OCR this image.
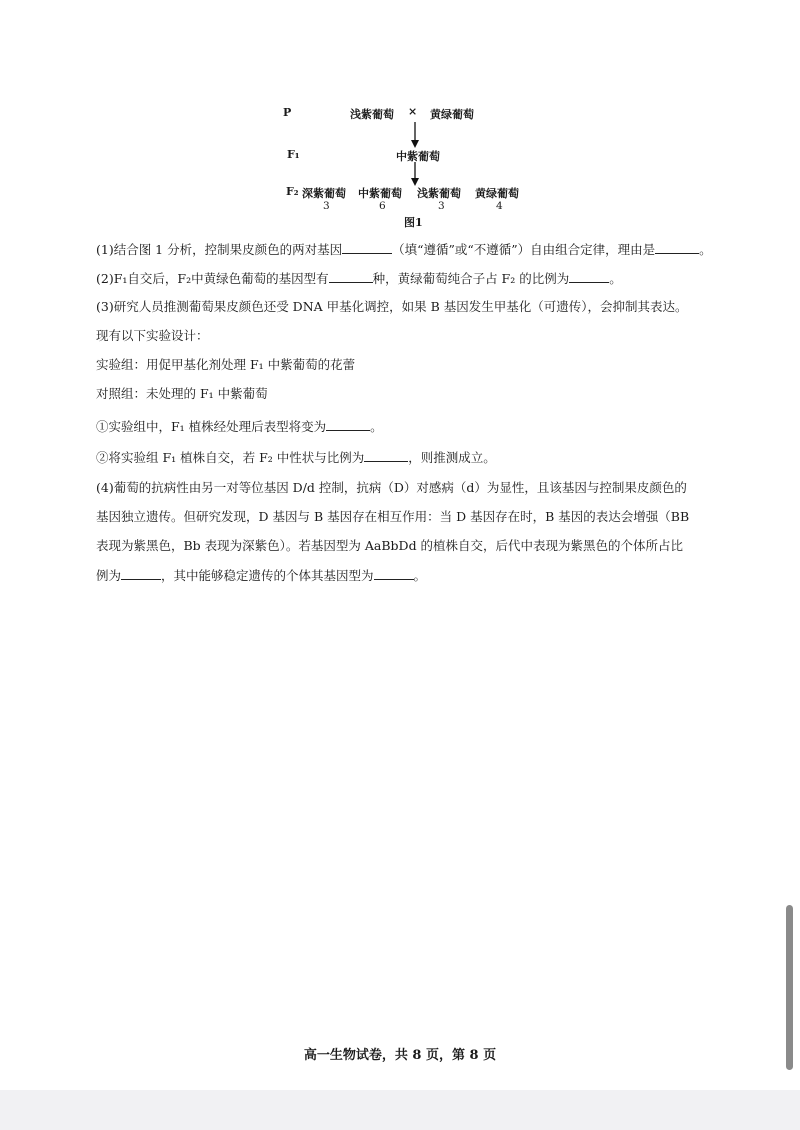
P	浅紫葡萄 × 黄绿葡萄
F₁	中紫葡萄
F₂ 深紫葡萄 中紫葡萄 浅紫葡萄 黄绿葡萄
3	6	3	4
图1
(1)结合图 1 分析，控制果皮颜色的两对基因	（填“遵循”或“不遵循”）自由组合定律，理由是	。
(2)F₁自交后，F₂中黄绿色葡萄的基因型有	种，黄绿葡萄纯合子占 F₂ 的比例为	。
(3)研究人员推测葡萄果皮颜色还受 DNA 甲基化调控，如果 B 基因发生甲基化（可遗传），会抑制其表达。
现有以下实验设计：
实验组：用促甲基化剂处理 F₁ 中紫葡萄的花蕾
对照组：未处理的 F₁ 中紫葡萄
①实验组中，F₁ 植株经处理后表型将变为	。
②将实验组 F₁ 植株自交，若 F₂ 中性状与比例为	，则推测成立。
(4)葡萄的抗病性由另一对等位基因 D/d 控制，抗病（D）对感病（d）为显性，且该基因与控制果皮颜色的
基因独立遗传。但研究发现，D 基因与 B 基因存在相互作用：当 D 基因存在时，B 基因的表达会增强（BB
表现为紫黑色，Bb 表现为深紫色）。若基因型为 AaBbDd 的植株自交，后代中表现为紫黑色的个体所占比
例为	，其中能够稳定遗传的个体其基因型为	。
高一生物试卷，共 8 页，第 8 页
